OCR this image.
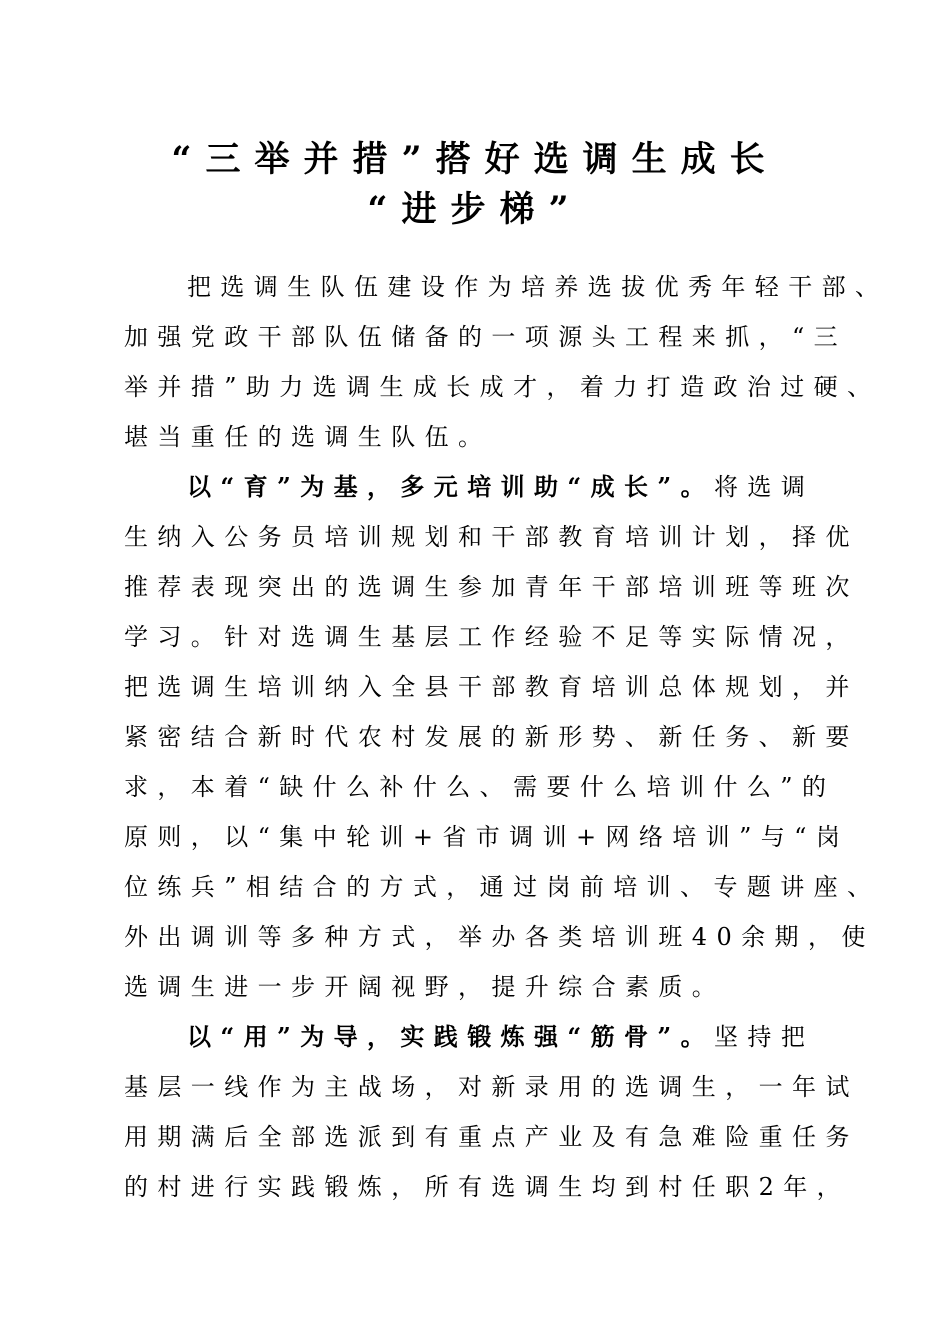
“三举并措”搭好选调生成长
“进步梯”
把选调生队伍建设作为培养选拔优秀年轻干部、
加强党政干部队伍储备的一项源头工程来抓，“三
举并措”助力选调生成长成才，着力打造政治过硬、
堪当重任的选调生队伍。
以“育”为基，多元培训助“成长”。将选调
生纳入公务员培训规划和干部教育培训计划，择优
推荐表现突出的选调生参加青年干部培训班等班次
学习。针对选调生基层工作经验不足等实际情况，
把选调生培训纳入全县干部教育培训总体规划，并
紧密结合新时代农村发展的新形势、新任务、新要
求，本着“缺什么补什么、需要什么培训什么”的
原则，以“集中轮训+省市调训+网络培训”与“岗
位练兵”相结合的方式，通过岗前培训、专题讲座、
外出调训等多种方式，举办各类培训班40余期，使
选调生进一步开阔视野，提升综合素质。
以“用”为导，实践锻炼强“筋骨”。坚持把
基层一线作为主战场，对新录用的选调生，一年试
用期满后全部选派到有重点产业及有急难险重任务
的村进行实践锻炼，所有选调生均到村任职2年，
